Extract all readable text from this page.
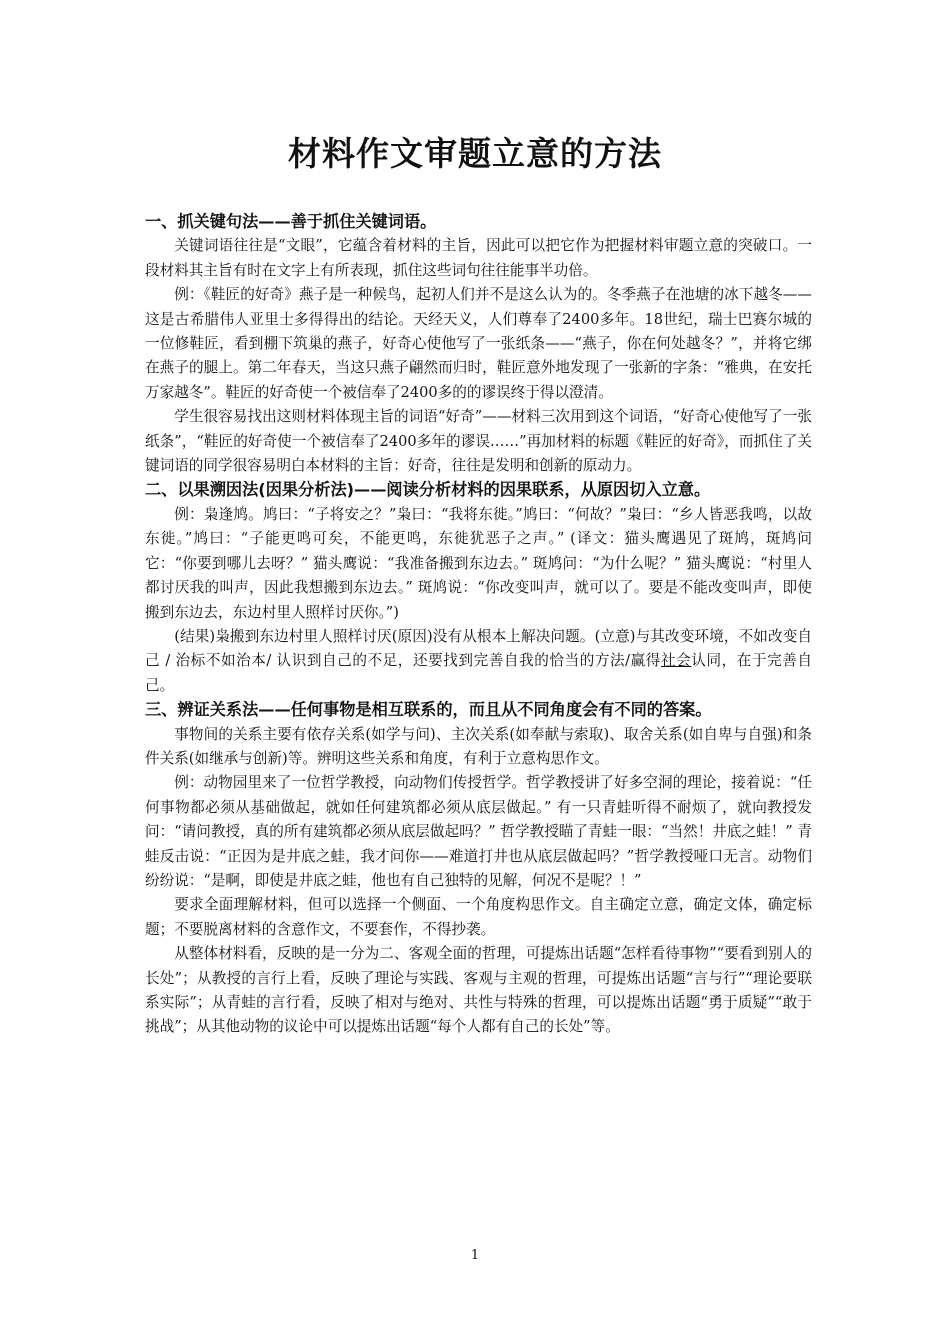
材料作文审题立意的方法
一、抓关键句法——善于抓住关键词语。

关键词语往往是“文眼”，它蕴含着材料的主旨，因此可以把它作为把握材料审题立意的突破口。一段材料其主旨有时在文字上有所表现，抓住这些词句往往能事半功倍。

例：《鞋匠的好奇》燕子是一种候鸟，起初人们并不是这么认为的。冬季燕子在池塘的冰下越冬——这是古希腊伟人亚里士多得得出的结论。天经天义，人们尊奉了2400多年。18世纪，瑞士巴赛尔城的一位修鞋匠，看到棚下筑巢的燕子，好奇心使他写了一张纸条——“燕子，你在何处越冬？”，并将它绑在燕子的腿上。第二年春天，当这只燕子翩然而归时，鞋匠意外地发现了一张新的字条：“雅典，在安托万家越冬”。鞋匠的好奇使一个被信奉了2400多的的谬误终于得以澄清。

学生很容易找出这则材料体现主旨的词语“好奇”——材料三次用到这个词语，“好奇心使他写了一张纸条”，“鞋匠的好奇使一个被信奉了2400多年的谬误……”再加材料的标题《鞋匠的好奇》，而抓住了关键词语的同学很容易明白本材料的主旨：好奇，往往是发明和创新的原动力。

二、以果溯因法(因果分析法)——阅读分析材料的因果联系，从原因切入立意。

例：枭逢鸠。鸠曰：“子将安之？”枭曰：“我将东徙。”鸠曰：“何故？”枭曰：“乡人皆恶我鸣，以故东徙。”鸠曰：“子能更鸣可矣，不能更鸣，东徙犹恶子之声。” (译文：猫头鹰遇见了斑鸠，斑鸠问它：“你要到哪儿去呀？” 猫头鹰说：“我准备搬到东边去。” 斑鸠问：“为什么呢？” 猫头鹰说：“村里人都讨厌我的叫声，因此我想搬到东边去。” 斑鸠说：“你改变叫声，就可以了。要是不能改变叫声，即使搬到东边去，东边村里人照样讨厌你。”)

(结果)枭搬到东边村里人照样讨厌(原因)没有从根本上解决问题。(立意)与其改变环境，不如改变自己 / 治标不如治本/ 认识到自己的不足，还要找到完善自我的恰当的方法/赢得社会认同，在于完善自己。

三、辨证关系法——任何事物是相互联系的，而且从不同角度会有不同的答案。

事物间的关系主要有依存关系(如学与问)、主次关系(如奉献与索取)、取舍关系(如自卑与自强)和条件关系(如继承与创新)等。辨明这些关系和角度，有利于立意构思作文。

例：动物园里来了一位哲学教授，向动物们传授哲学。哲学教授讲了好多空洞的理论，接着说：“任何事物都必须从基础做起，就如任何建筑都必须从底层做起。” 有一只青蛙听得不耐烦了，就向教授发问：“请问教授，真的所有建筑都必须从底层做起吗？” 哲学教授瞄了青蛙一眼：“当然！井底之蛙！” 青蛙反击说：“正因为是井底之蛙，我才问你——难道打井也从底层做起吗？”哲学教授哑口无言。动物们纷纷说：“是啊，即使是井底之蛙，他也有自己独特的见解，何况不是呢？！”

要求全面理解材料，但可以选择一个侧面、一个角度构思作文。自主确定立意，确定文体，确定标题；不要脱离材料的含意作文，不要套作，不得抄袭。

从整体材料看，反映的是一分为二、客观全面的哲理，可提炼出话题“怎样看待事物”“要看到别人的长处”；从教授的言行上看，反映了理论与实践、客观与主观的哲理，可提炼出话题“言与行”“理论要联系实际”；从青蛙的言行看，反映了相对与绝对、共性与特殊的哲理，可以提炼出话题“勇于质疑”“敢于挑战”；从其他动物的议论中可以提炼出话题“每个人都有自己的长处”等。

1
